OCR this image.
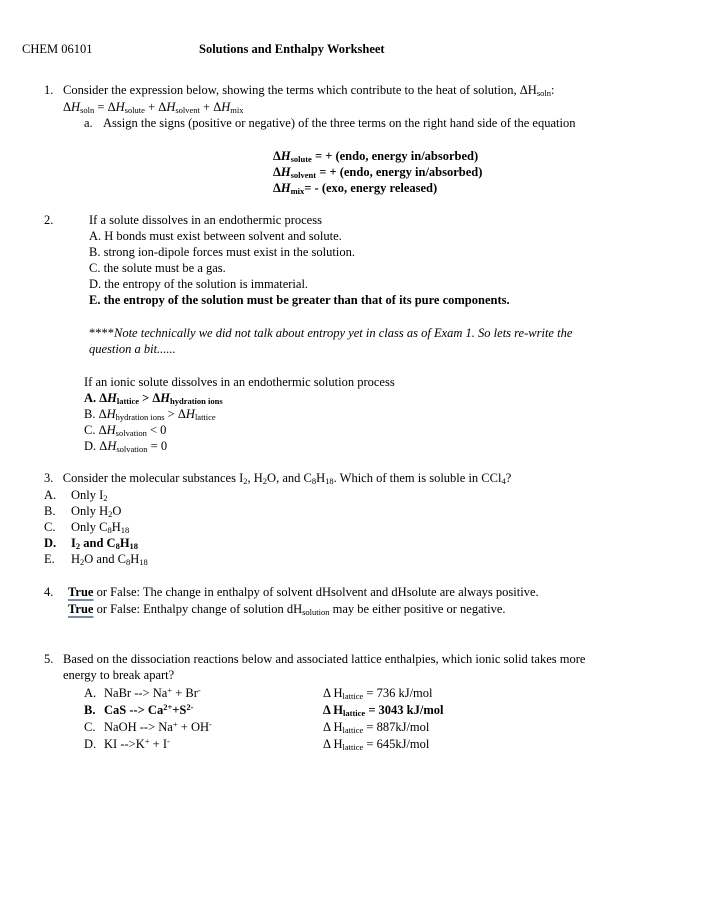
CHEM 06101	Solutions and Enthalpy Worksheet
1. Consider the expression below, showing the terms which contribute to the heat of solution, $\Delta H_{soln}$:
$\Delta H_{soln} = \Delta H_{solute} + \Delta H_{solvent} + \Delta H_{mix}$
a. Assign the signs (positive or negative) of the three terms on the right hand side of the equation
$\Delta H_{solute}$ = + (endo, energy in/absorbed)
$\Delta H_{solvent}$ = + (endo, energy in/absorbed)
$\Delta H_{mix}= - (exo$, energy released)
2.	If a solute dissolves in an endothermic process
A. H bonds must exist between solvent and solute.
B. strong ion-dipole forces must exist in the solution.
C. the solute must be a gas.
D. the entropy of the solution is immaterial.
E. the entropy of the solution must be greater than that of its pure components.
****Note technically we did not talk about entropy yet in class as of Exam 1. So lets re-write the
question a bit......
If an ionic solute dissolves in an endothermic solution process
A. $\Delta H_{lattice} > \Delta H_{hydration ions}$
B. $\Delta H_{hydration ions} > \Delta H_{lattice}$
C. $\Delta H_{solvation} < 0$
D. $\Delta H_{solvation} = 0$
3.   Consider the molecular substances $I_2$, $H_2O$, and $C_8H_{18}$. Which of them is soluble in CCl$_4$?
A. Only $I_2$
B. Only $H_2O$
C. Only $C_8H_{18}$
D. $I_2$ and $C_8H_{18}$
E. $H_2O$ and $C_8H_{18}$
4. True or False: The change in enthalpy of solvent dHsolvent and dHsolute are always positive.
True or False: Enthalpy change of solution $dH_{solution}$ may be either positive or negative.
5. Based on the dissociation reactions below and associated lattice enthalpies, which ionic solid takes more
energy to break apart?
A. NaBr --> Na+ + Br-	Δ $H_{lattice} = 736$ kJ/mol
B. CaS --> $Ca^{2+}+S^{2-}$	Δ $H_{lattice} = 3043$ kJ/mol
C. NaOH --> Na+ + OH-	Δ $H_{lattice} = 887kJ/mol$
D. KI -->K+ + I-	Δ $H_{lattice} = 645kJ/mol$
